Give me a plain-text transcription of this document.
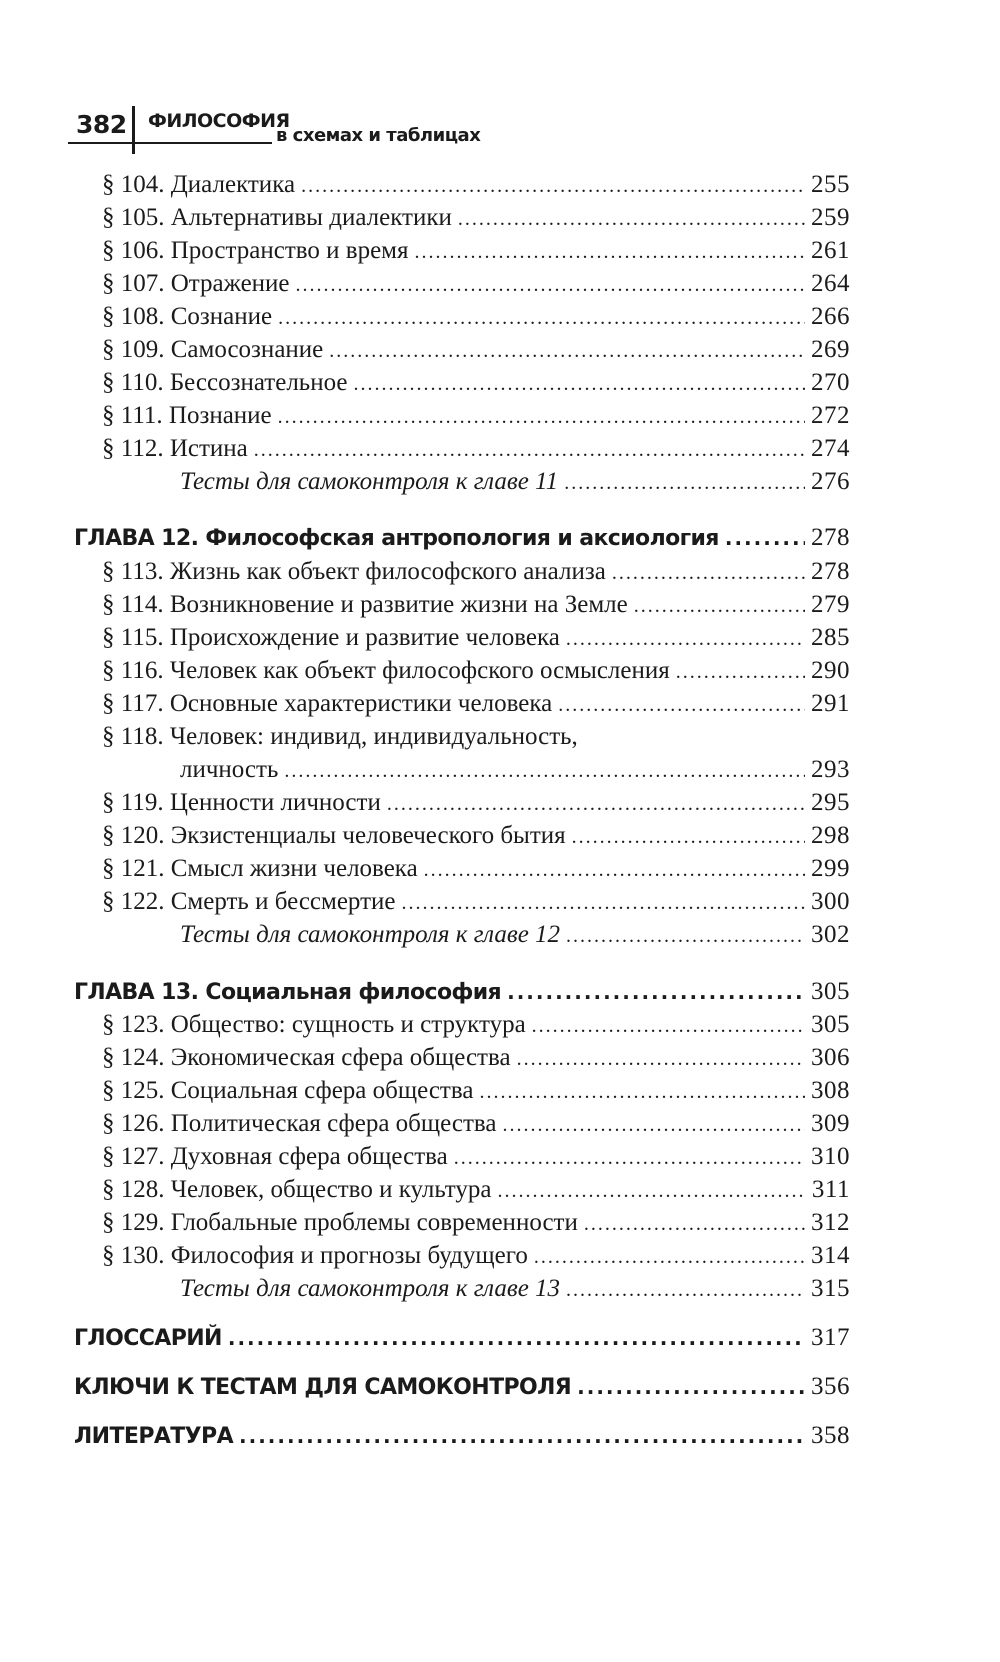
382 ФИЛОСОФИЯ
в схемах и таблицах
§ 104. Диалектика .....	255
§ 105. Альтернативы диалектики .....	259
§ 106. Пространство и время .....	261
§ 107. Отражение .....	264
§ 108. Сознание .....	266
§ 109. Самосознание .....	269
§ 110. Бессознательное .....	270
§ 111. Познание .....	272
§ 112. Истина .....	274
Тесты для самоконтроля к главе 11 .....	276
ГЛАВА 12. Философская антропология и аксиология .....	278
§ 113. Жизнь как объект философского анализа .....	278
§ 114. Возникновение и развитие жизни на Земле .....	279
§ 115. Происхождение и развитие человека .....	285
§ 116. Человек как объект философского осмысления .....	290
§ 117. Основные характеристики человека .....	291
§ 118. Человек: индивид, индивидуальность,
личность .....	293
§ 119. Ценности личности .....	295
§ 120. Экзистенциалы человеческого бытия .....	298
§ 121. Смысл жизни человека .....	299
§ 122. Смерть и бессмертие .....	300
Тесты для самоконтроля к главе 12 .....	302
ГЛАВА 13. Социальная философия .....	305
§ 123. Общество: сущность и структура .....	305
§ 124. Экономическая сфера общества .....	306
§ 125. Социальная сфера общества .....	308
§ 126. Политическая сфера общества .....	309
§ 127. Духовная сфера общества .....	310
§ 128. Человек, общество и культура .....	311
§ 129. Глобальные проблемы современности .....	312
§ 130. Философия и прогнозы будущего .....	314
Тесты для самоконтроля к главе 13 .....	315
ГЛОССАРИЙ .....	317
КЛЮЧИ К ТЕСТАМ ДЛЯ САМОКОНТРОЛЯ .....	356
ЛИТЕРАТУРА .....	358
